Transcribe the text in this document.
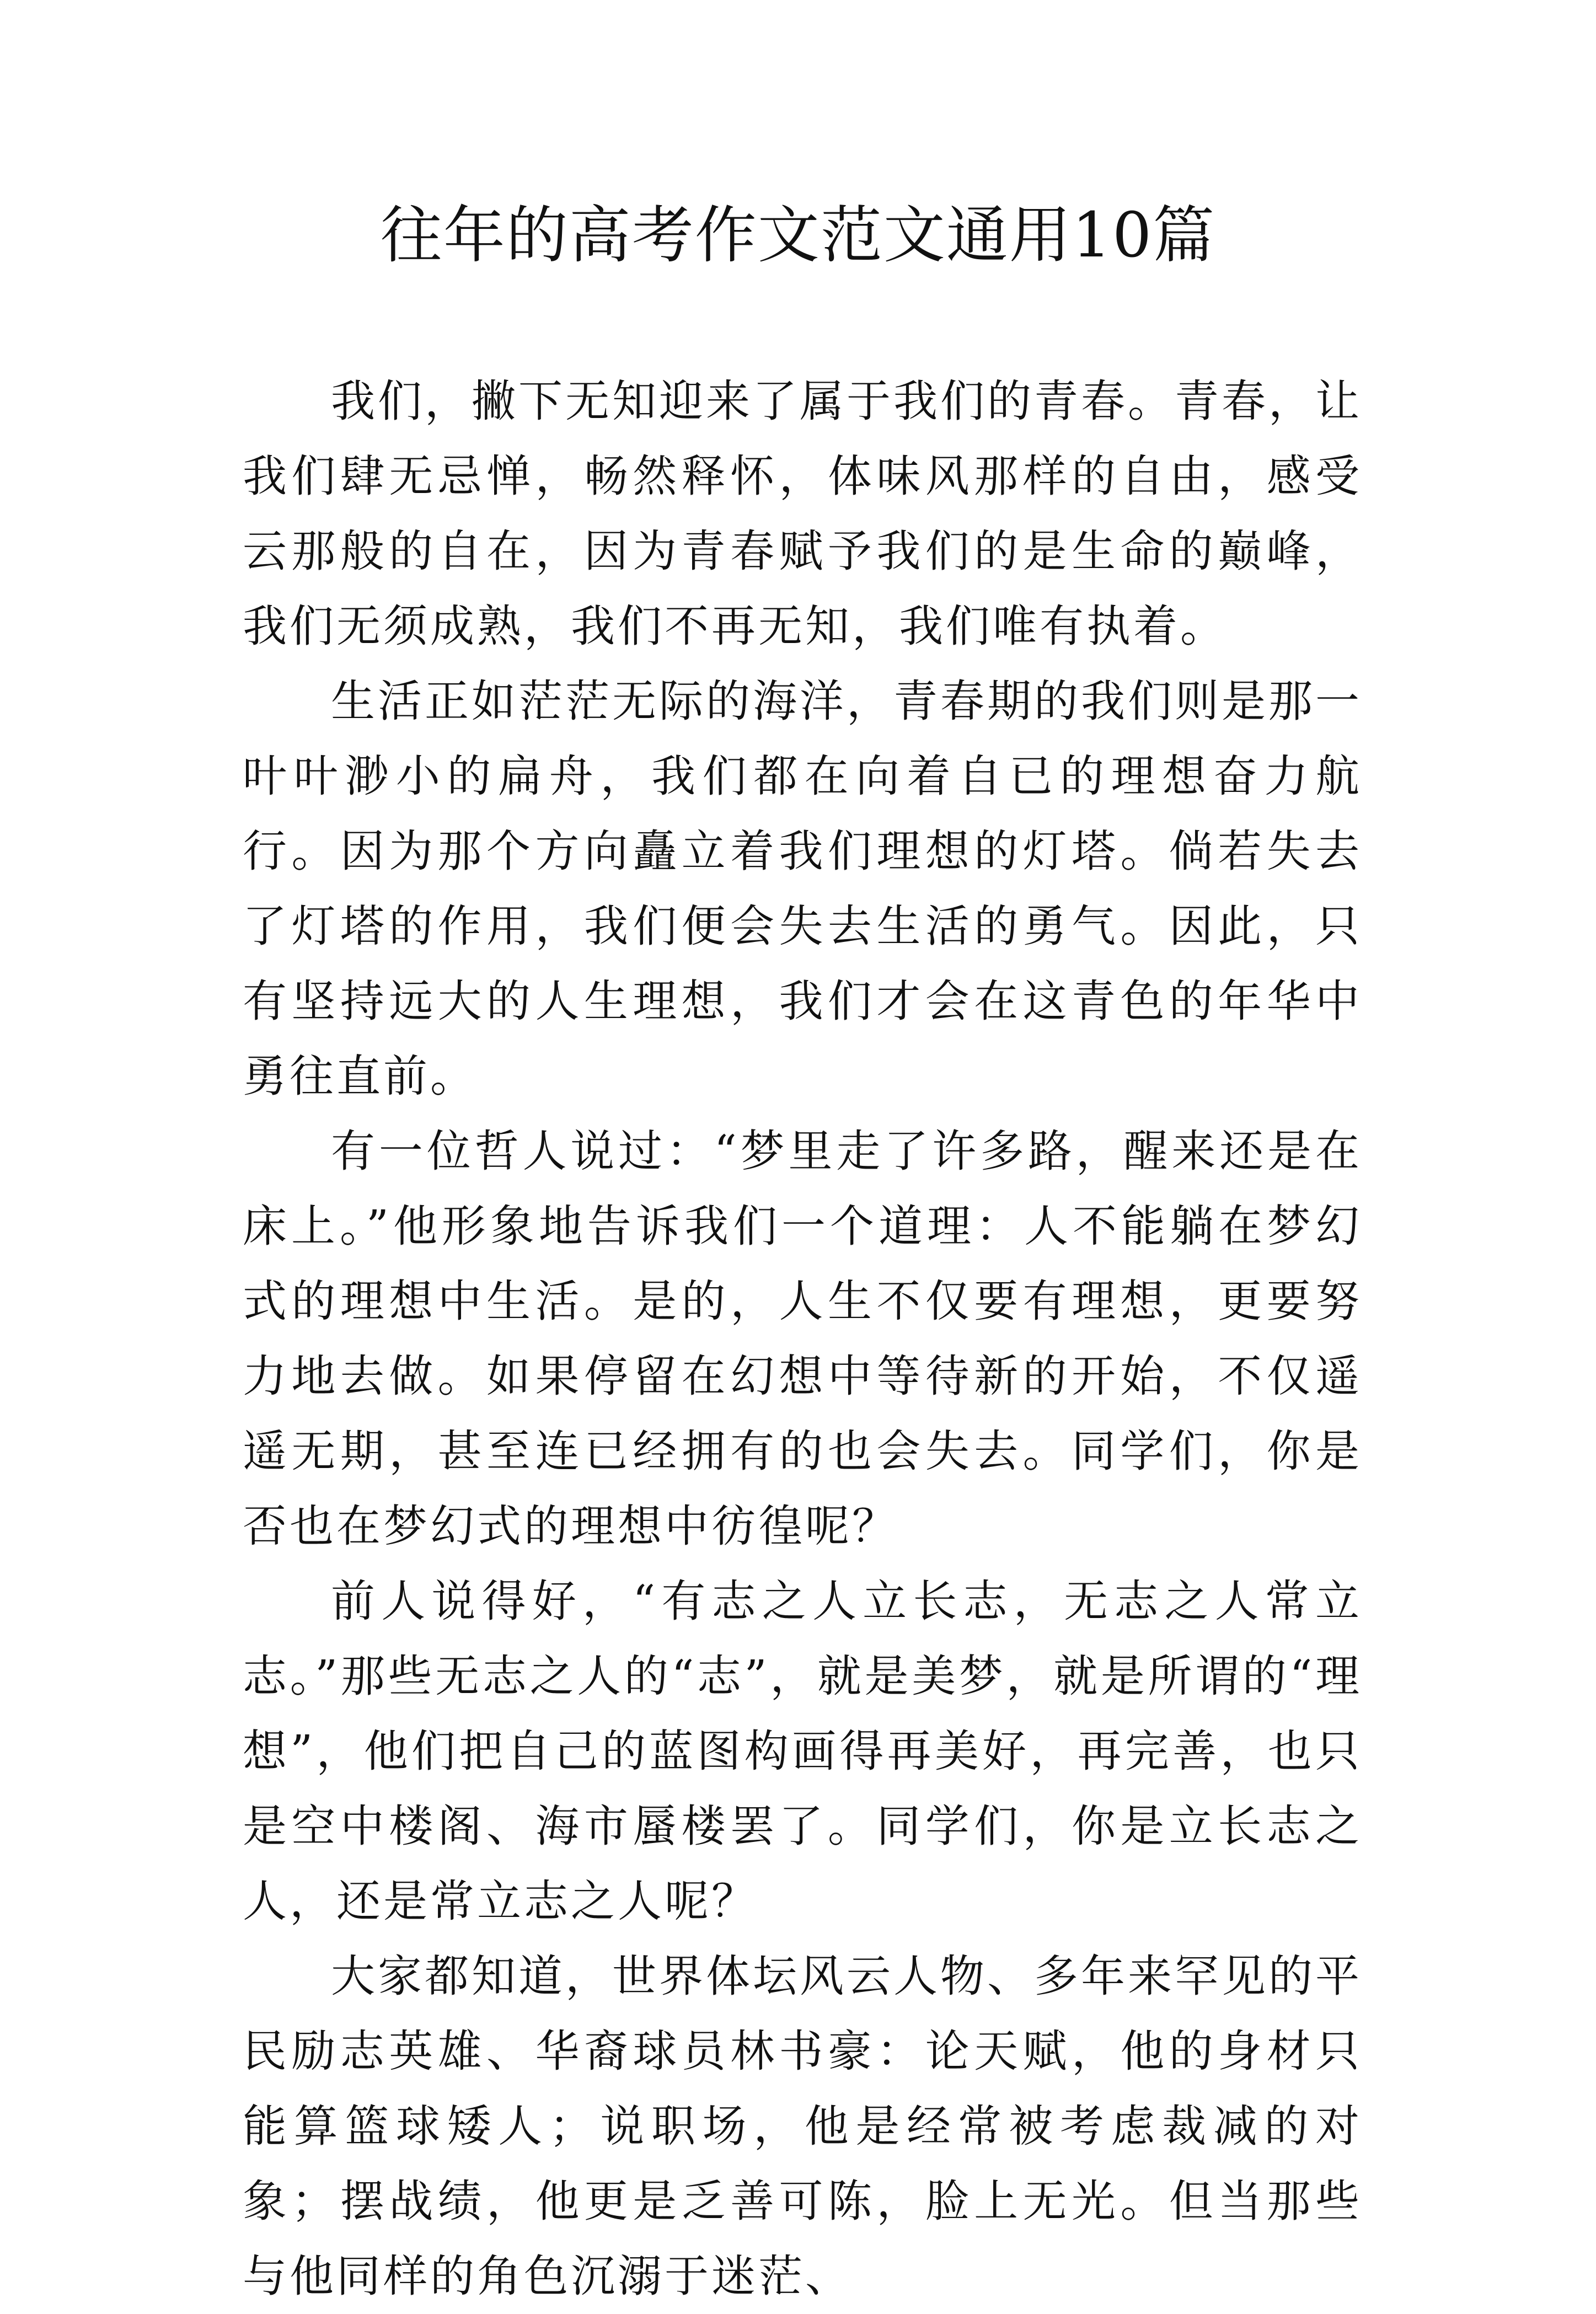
往年的高考作文范文通用10篇

我们，撇下无知迎来了属于我们的青春。青春，让我们肆无忌惮，畅然释怀，体味风那样的自由，感受云那般的自在，因为青春赋予我们的是生命的巅峰，我们无须成熟，我们不再无知，我们唯有执着。

生活正如茫茫无际的海洋，青春期的我们则是那一叶叶渺小的扁舟，我们都在向着自已的理想奋力航行。因为那个方向矗立着我们理想的灯塔。倘若失去了灯塔的作用，我们便会失去生活的勇气。因此，只有坚持远大的人生理想，我们才会在这青色的年华中勇往直前。

有一位哲人说过：“梦里走了许多路，醒来还是在床上。”他形象地告诉我们一个道理：人不能躺在梦幻式的理想中生活。是的，人生不仅要有理想，更要努力地去做。如果停留在幻想中等待新的开始，不仅遥遥无期，甚至连已经拥有的也会失去。同学们，你是否也在梦幻式的理想中彷徨呢？

前人说得好，“有志之人立长志，无志之人常立志。”那些无志之人的“志”，就是美梦，就是所谓的“理想”，他们把自己的蓝图构画得再美好，再完善，也只是空中楼阁、海市蜃楼罢了。同学们，你是立长志之人，还是常立志之人呢？

大家都知道，世界体坛风云人物、多年来罕见的平民励志英雄、华裔球员林书豪：论天赋，他的身材只能算篮球矮人；说职场，他是经常被考虑裁减的对象；摆战绩，他更是乏善可陈，脸上无光。但当那些与他同样的角色沉溺于迷茫、
